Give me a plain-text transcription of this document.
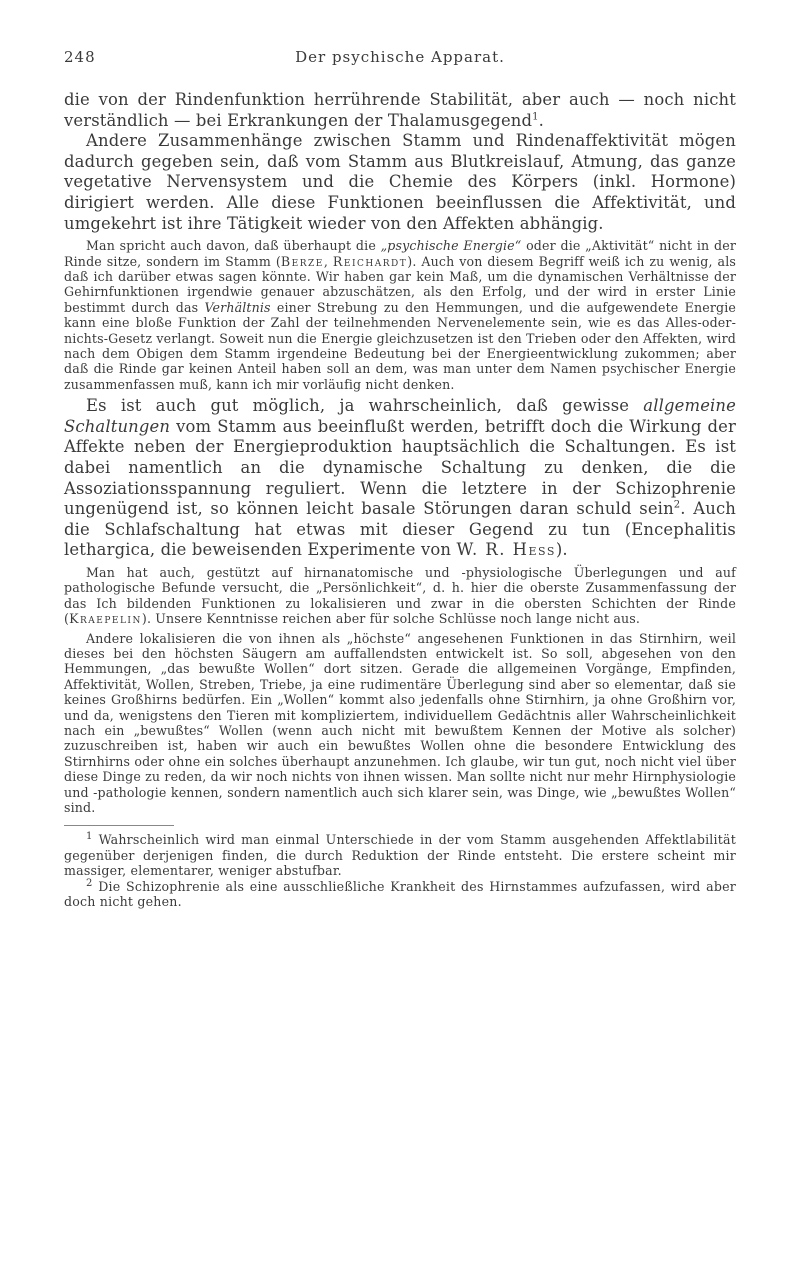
248	Der psychische Apparat.

die von der Rindenfunktion herrührende Stabilität, aber auch — noch nicht verständlich — bei Erkrankungen der Thalamusgegend$^1$.

Andere Zusammenhänge zwischen Stamm und Rindenaffektivität mögen dadurch gegeben sein, daß vom Stamm aus Blutkreislauf, Atmung, das ganze vegetative Nervensystem und die Chemie des Körpers (inkl. Hormone) dirigiert werden. Alle diese Funktionen beeinflussen die Affektivität, und umgekehrt ist ihre Tätigkeit wieder von den Affekten abhängig.

Man spricht auch davon, daß überhaupt die „psychische Energie“ oder die „Aktivität“ nicht in der Rinde sitze, sondern im Stamm (Berze, Reichardt). Auch von diesem Begriff weiß ich zu wenig, als daß ich darüber etwas sagen könnte. Wir haben gar kein Maß, um die dynamischen Verhältnisse der Gehirnfunktionen irgendwie genauer abzuschätzen, als den Erfolg, und der wird in erster Linie bestimmt durch das Verhältnis einer Strebung zu den Hemmungen, und die aufgewendete Energie kann eine bloße Funktion der Zahl der teilnehmenden Nervenelemente sein, wie es das Alles-oder-nichts-Gesetz verlangt. Soweit nun die Energie gleichzusetzen ist den Trieben oder den Affekten, wird nach dem Obigen dem Stamm irgendeine Bedeutung bei der Energieentwicklung zukommen; aber daß die Rinde gar keinen Anteil haben soll an dem, was man unter dem Namen psychischer Energie zusammenfassen muß, kann ich mir vorläufig nicht denken.

Es ist auch gut möglich, ja wahrscheinlich, daß gewisse allgemeine Schaltungen vom Stamm aus beeinflußt werden, betrifft doch die Wirkung der Affekte neben der Energieproduktion hauptsächlich die Schaltungen. Es ist dabei namentlich an die dynamische Schaltung zu denken, die die Assoziationsspannung reguliert. Wenn die letztere in der Schizophrenie ungenügend ist, so können leicht basale Störungen daran schuld sein$^2$. Auch die Schlafschaltung hat etwas mit dieser Gegend zu tun (Encephalitis lethargica, die beweisenden Experimente von W. R. Hess).

Man hat auch, gestützt auf hirnanatomische und -physiologische Überlegungen und auf pathologische Befunde versucht, die „Persönlichkeit“, d. h. hier die oberste Zusammenfassung der das Ich bildenden Funktionen zu lokalisieren und zwar in die obersten Schichten der Rinde (Kraepelin). Unsere Kenntnisse reichen aber für solche Schlüsse noch lange nicht aus.

Andere lokalisieren die von ihnen als „höchste“ angesehenen Funktionen in das Stirnhirn, weil dieses bei den höchsten Säugern am auffallendsten entwickelt ist. So soll, abgesehen von den Hemmungen, „das bewußte Wollen“ dort sitzen. Gerade die allgemeinen Vorgänge, Empfinden, Affektivität, Wollen, Streben, Triebe, ja eine rudimentäre Überlegung sind aber so elementar, daß sie keines Großhirns bedürfen. Ein „Wollen“ kommt also jedenfalls ohne Stirnhirn, ja ohne Großhirn vor, und da, wenigstens den Tieren mit kompliziertem, individuellem Gedächtnis aller Wahrscheinlichkeit nach ein „bewußtes“ Wollen (wenn auch nicht mit bewußtem Kennen der Motive als solcher) zuzuschreiben ist, haben wir auch ein bewußtes Wollen ohne die besondere Entwicklung des Stirnhirns oder ohne ein solches überhaupt anzunehmen. Ich glaube, wir tun gut, noch nicht viel über diese Dinge zu reden, da wir noch nichts von ihnen wissen. Man sollte nicht nur mehr Hirnphysiologie und -pathologie kennen, sondern namentlich auch sich klarer sein, was Dinge, wie „bewußtes Wollen“ sind.

$^1$ Wahrscheinlich wird man einmal Unterschiede in der vom Stamm ausgehenden Affektlabilität gegenüber derjenigen finden, die durch Reduktion der Rinde entsteht. Die erstere scheint mir massiger, elementarer, weniger abstufbar.

$^2$ Die Schizophrenie als eine ausschließliche Krankheit des Hirnstammes aufzufassen, wird aber doch nicht gehen.
